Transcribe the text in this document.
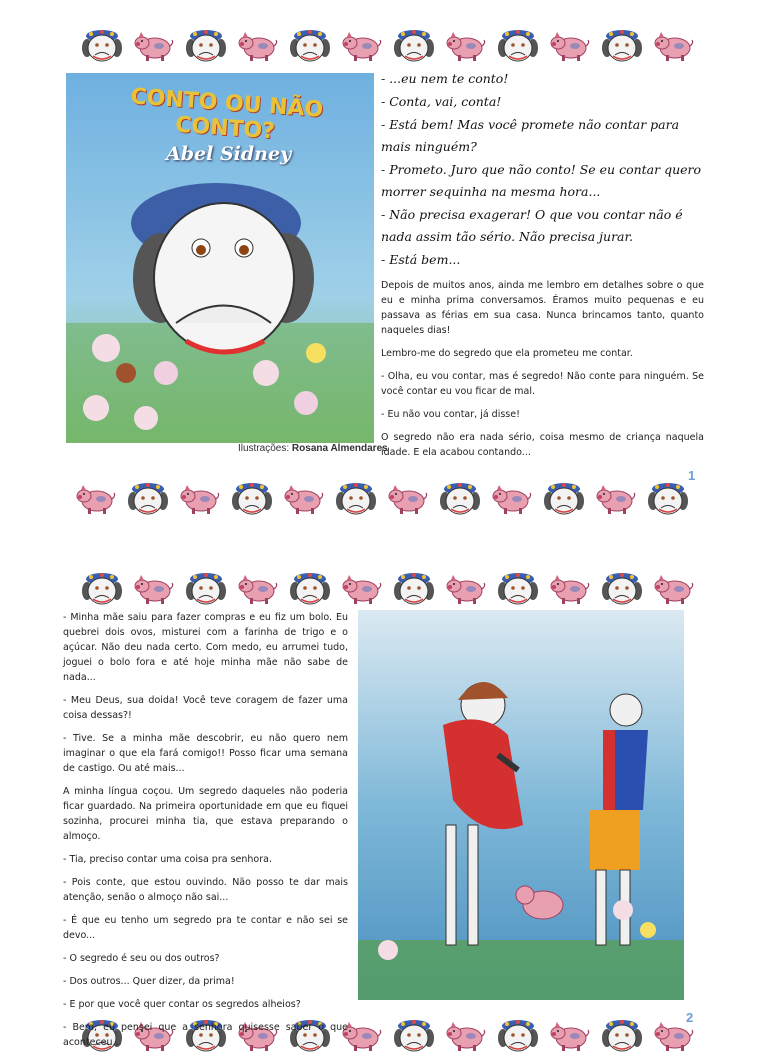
CONTO OU NÃO CONTO?
Abel Sidney
Ilustrações: Rosana Almendares

- ...eu nem te conto!

- Conta, vai, conta!

- Está bem! Mas você promete não contar para mais ninguém?

- Prometo. Juro que não conto! Se eu contar quero morrer sequinha na mesma hora...

- Não precisa exagerar! O que vou contar não é nada assim tão sério. Não precisa jurar.

- Está bem...

Depois de muitos anos, ainda me lembro em detalhes sobre o que eu e minha prima conversamos. Éramos muito pequenas e eu passava as férias em sua casa. Nunca brincamos tanto, quanto naqueles dias!

Lembro-me do segredo que ela prometeu me contar.

- Olha, eu vou contar, mas é segredo! Não conte para ninguém. Se você contar eu vou ficar de mal.

- Eu não vou contar, já disse!

O segredo não era nada sério, coisa mesmo de criança naquela idade. E ela acabou contando...

1

- Minha mãe saiu para fazer compras e eu fiz um bolo. Eu quebrei dois ovos, misturei com a farinha de trigo e o açúcar. Não deu nada certo. Com medo, eu arrumei tudo, joguei o bolo fora e até hoje minha mãe não sabe de nada...

- Meu Deus, sua doida! Você teve coragem de fazer uma coisa dessas?!

- Tive. Se a minha mãe descobrir, eu não quero nem imaginar o que ela fará comigo!! Posso ficar uma semana de castigo. Ou até mais...

A minha língua coçou. Um segredo daqueles não poderia ficar guardado. Na primeira oportunidade em que eu fiquei sozinha, procurei minha tia, que estava preparando o almoço.

- Tia, preciso contar uma coisa pra senhora.

- Pois conte, que estou ouvindo. Não posso te dar mais atenção, senão o almoço não sai...

- É que eu tenho um segredo pra te contar e não sei se devo...

- O segredo é seu ou dos outros?

- Dos outros... Quer dizer, da prima!

- E por que você quer contar os segredos alheios?

- Bem, eu pensei que a senhora quisesse saber o que aconteceu...

2
